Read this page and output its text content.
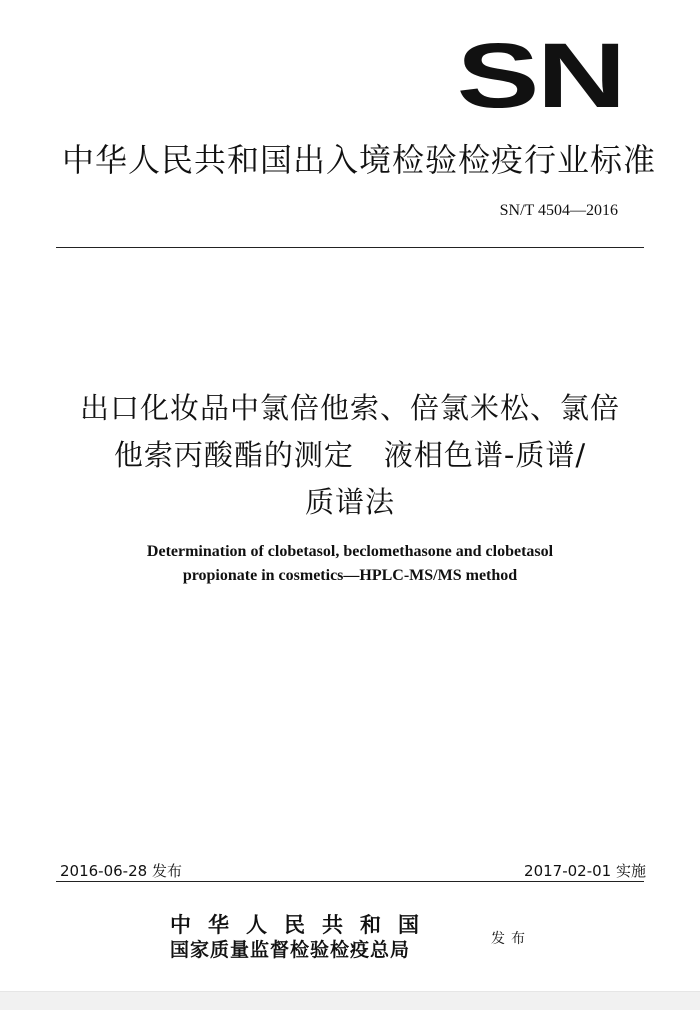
SN
中华人民共和国出入境检验检疫行业标准
SN/T 4504—2016
出口化妆品中氯倍他索、倍氯米松、氯倍
他索丙酸酯的测定　液相色谱-质谱/
质谱法
Determination of clobetasol, beclomethasone and clobetasol
propionate in cosmetics—HPLC-MS/MS method
2016-06-28 发布	2017-02-01 实施
中华人民共和国
国家质量监督检验检疫总局	发布
